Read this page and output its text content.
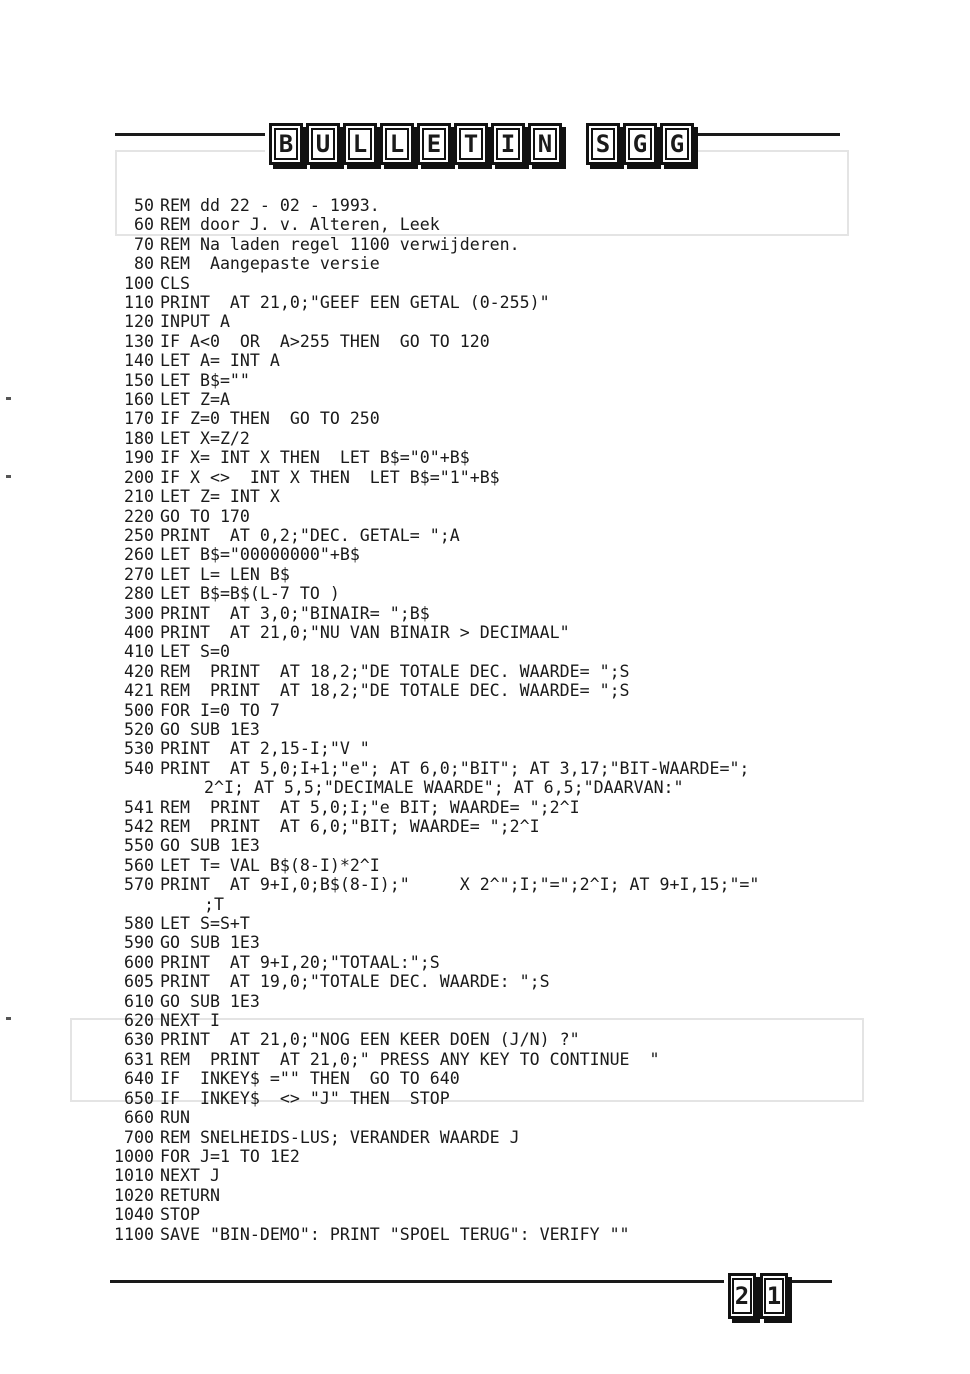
B U L L E T I N S G G
50 REM dd 22 - 02 - 1993.
60 REM door J. v. Alteren, Leek
70 REM Na laden regel 1100 verwijderen.
80 REM  Aangepaste versie
100 CLS
110 PRINT  AT 21,0;"GEEF EEN GETAL (0-255)"
120 INPUT A
130 IF A<0  OR  A>255 THEN  GO TO 120
140 LET A= INT A
150 LET B$=""
160 LET Z=A
170 IF Z=0 THEN  GO TO 250
180 LET X=Z/2
190 IF X= INT X THEN  LET B$="0"+B$
200 IF X <>  INT X THEN  LET B$="1"+B$
210 LET Z= INT X
220 GO TO 170
250 PRINT  AT 0,2;"DEC. GETAL= ";A
260 LET B$="00000000"+B$
270 LET L= LEN B$
280 LET B$=B$(L-7 TO )
300 PRINT  AT 3,0;"BINAIR= ";B$
400 PRINT  AT 21,0;"NU VAN BINAIR > DECIMAAL"
410 LET S=0
420 REM  PRINT  AT 18,2;"DE TOTALE DEC. WAARDE= ";S
421 REM  PRINT  AT 18,2;"DE TOTALE DEC. WAARDE= ";S
500 FOR I=0 TO 7
520 GO SUB 1E3
530 PRINT  AT 2,15-I;"V "
540 PRINT  AT 5,0;I+1;"e"; AT 6,0;"BIT"; AT 3,17;"BIT-WAARDE=";
2^I; AT 5,5;"DECIMALE WAARDE"; AT 6,5;"DAARVAN:"
541 REM  PRINT  AT 5,0;I;"e BIT; WAARDE= ";2^I
542 REM  PRINT  AT 6,0;"BIT; WAARDE= ";2^I
550 GO SUB 1E3
560 LET T= VAL B$(8-I)*2^I
570 PRINT  AT 9+I,0;B$(8-I);"     X 2^";I;"=";2^I; AT 9+I,15;"="
;T
580 LET S=S+T
590 GO SUB 1E3
600 PRINT  AT 9+I,20;"TOTAAL:";S
605 PRINT  AT 19,0;"TOTALE DEC. WAARDE: ";S
610 GO SUB 1E3
620 NEXT I
630 PRINT  AT 21,0;"NOG EEN KEER DOEN (J/N) ?"
631 REM  PRINT  AT 21,0;" PRESS ANY KEY TO CONTINUE  "
640 IF  INKEY$ ="" THEN  GO TO 640
650 IF  INKEY$  <> "J" THEN  STOP
660 RUN
700 REM SNELHEIDS-LUS; VERANDER WAARDE J
1000 FOR J=1 TO 1E2
1010 NEXT J
1020 RETURN
1040 STOP
1100 SAVE "BIN-DEMO": PRINT "SPOEL TERUG": VERIFY ""
2 1
